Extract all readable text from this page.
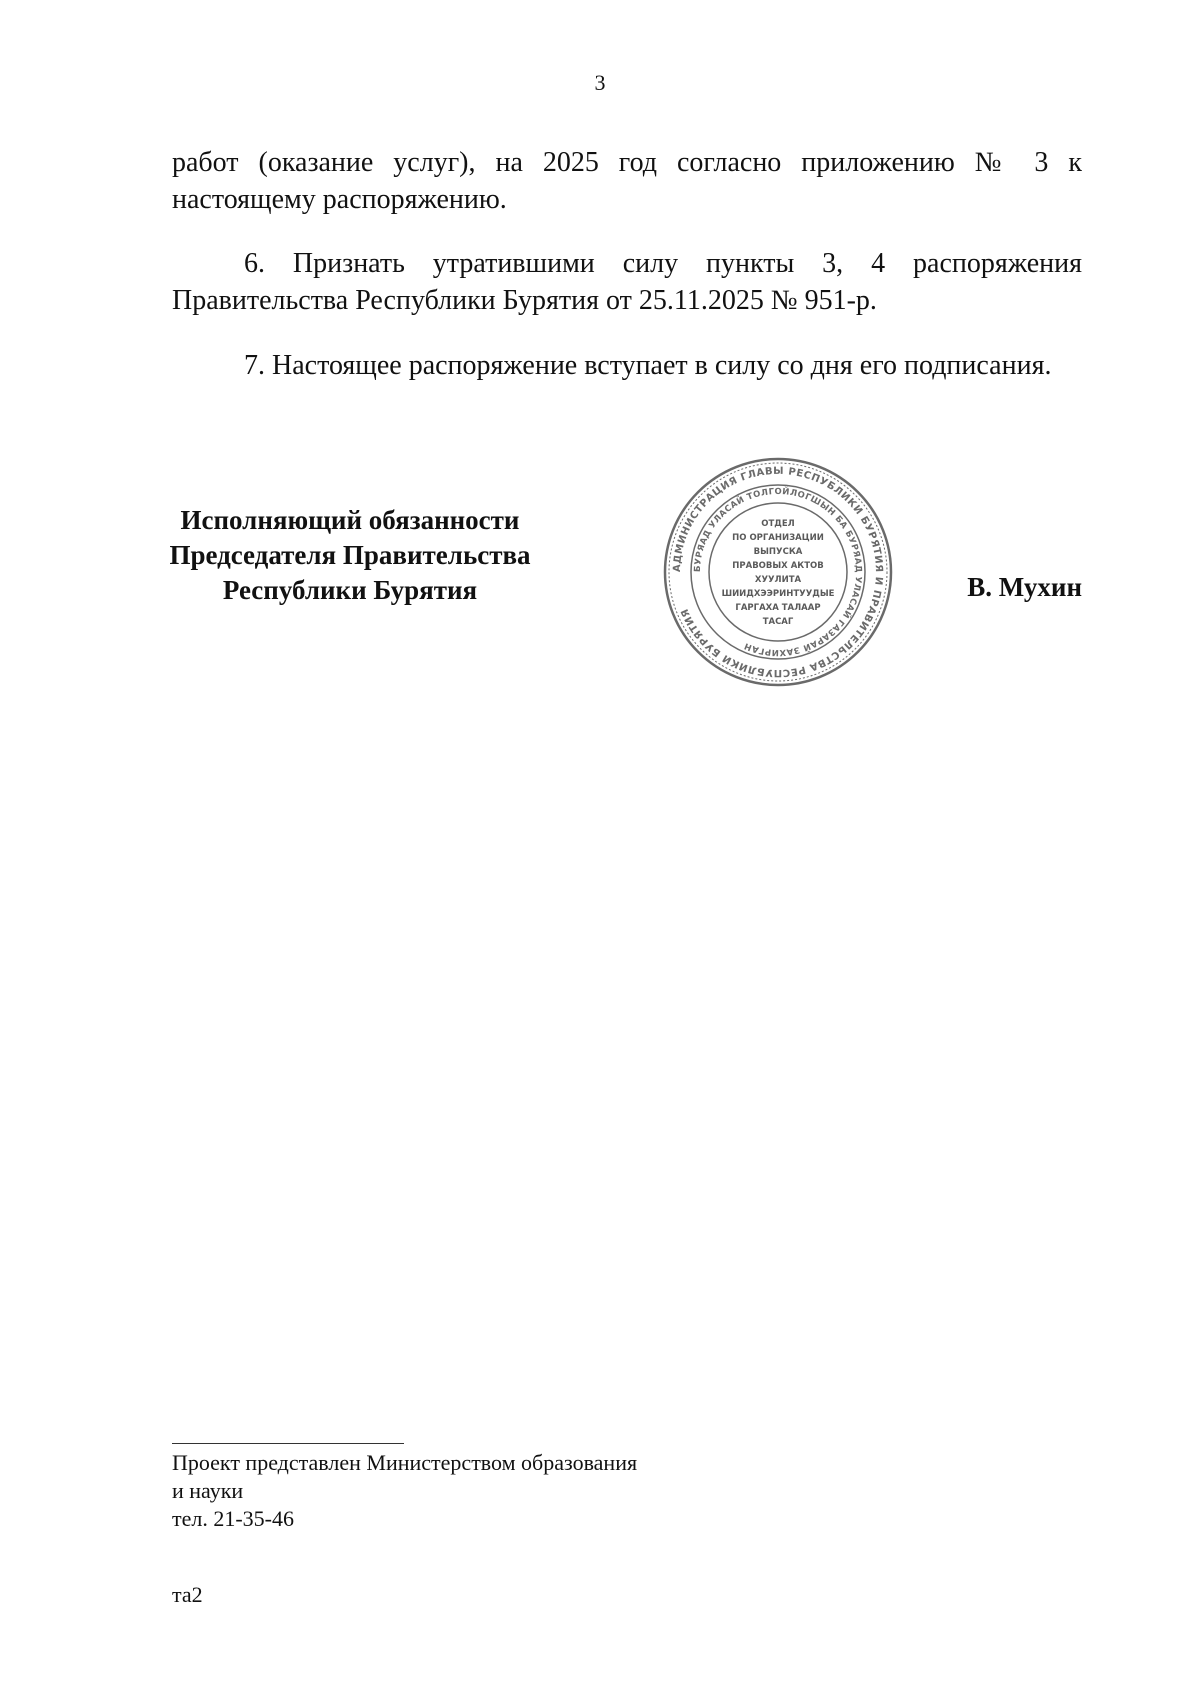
3
работ (оказание услуг), на 2025 год согласно приложению № 3 к настоящему распоряжению.
6. Признать утратившими силу пункты 3, 4 распоряжения Правительства Республики Бурятия от 25.11.2025 № 951-р.
7. Настоящее распоряжение вступает в силу со дня его подписания.
Исполняющий обязанности
Председателя Правительства
Республики Бурятия
АДМИНИСТРАЦИЯ ГЛАВЫ РЕСПУБЛИКИ БУРЯТИЯ И ПРАВИТЕЛЬСТВА РЕСПУБЛИКИ БУРЯТИЯ
БУРЯАД УЛАСАЙ ТОЛГОЙЛОГШЫН БА БУРЯАД УЛАСАЙ ГАЗАРАЙ ЗАХИРГАН
ОТДЕЛ
ПО ОРГАНИЗАЦИИ
ВЫПУСКА
ПРАВОВЫХ АКТОВ
ХУУЛИТА
ШИИДХЭЭРИНТУУДЫЕ
ГАРГАХА ТАЛААР
ТАСАГ
В. Мухин
Проект представлен Министерством образования
и науки
тел. 21-35-46
та2
